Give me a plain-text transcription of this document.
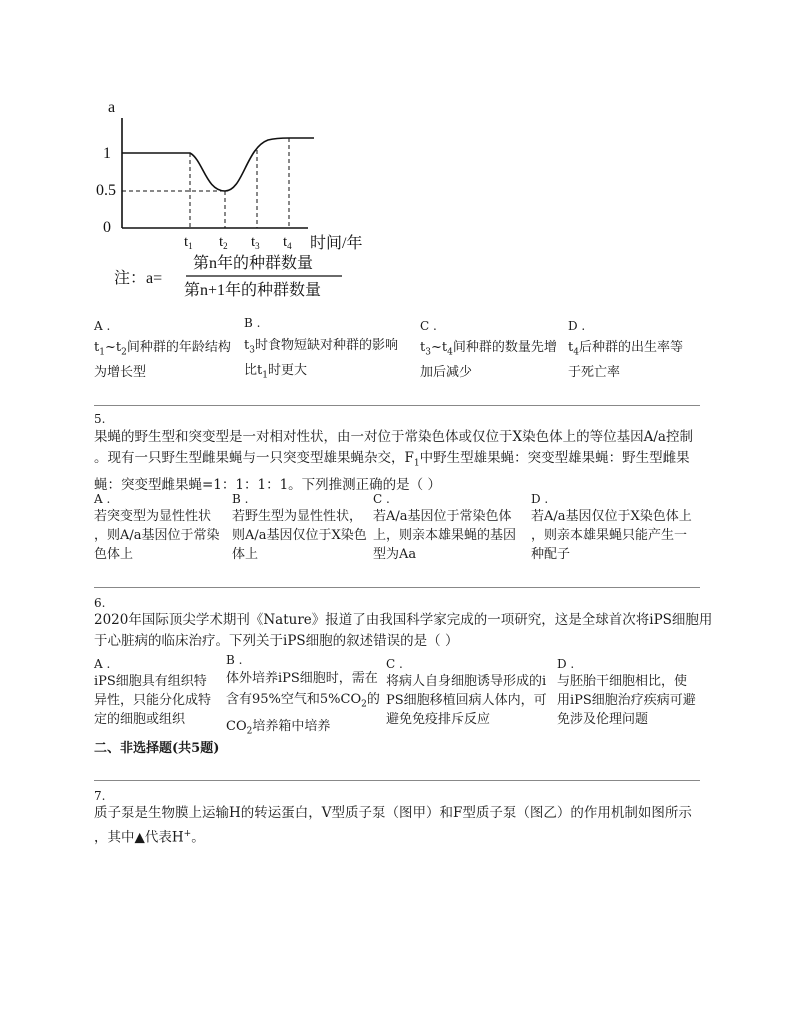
a
1
0.5
0
$t_1$ $t_2$ $t_3$ $t_4$ 时间/年
注：a=
第n年的种群数量
第n+1年的种群数量
A .
$t_1\sim t_2$间种群的年龄结构
为增长型
B .
$t_3$时食物短缺对种群的影响
比$t_1$时更大
C .
$t_3\sim t_4$间种群的数量先增
加后减少
D .
$t_4$后种群的出生率等
于死亡率
5.
果蝇的野生型和突变型是一对相对性状，由一对位于常染色体或仅位于X染色体上的等位基因A/a控制
。现有一只野生型雌果蝇与一只突变型雄果蝇杂交，$F_1$中野生型雄果蝇：突变型雄果蝇：野生型雌果
蝇：突变型雌果蝇=1：1：1：1。下列推测正确的是（ ）
A .
若突变型为显性性状
，则A/a基因位于常染
色体上
B .
若野生型为显性性状，
则A/a基因仅位于X染色
体上
C .
若A/a基因位于常染色体
上，则亲本雄果蝇的基因
型为Aa
D .
若A/a基因仅位于X染色体上
，则亲本雄果蝇只能产生一
种配子
6.
2020年国际顶尖学术期刊《Nature》报道了由我国科学家完成的一项研究，这是全球首次将iPS细胞用
于心脏病的临床治疗。下列关于iPS细胞的叙述错误的是（ ）
A .
iPS细胞具有组织特
异性，只能分化成特
定的细胞或组织
B .
体外培养iPS细胞时，需在
含有95%空气和$5\%CO_2$的
$CO_2$培养箱中培养
C .
将病人自身细胞诱导形成的i
PS细胞移植回病人体内，可
避免免疫排斥反应
D .
与胚胎干细胞相比，使
用iPS细胞治疗疾病可避
免涉及伦理问题
二、非选择题(共5题)
7.
质子泵是生物膜上运输H的转运蛋白，V型质子泵（图甲）和F型质子泵（图乙）的作用机制如图所示
，其中▲代表H+。
